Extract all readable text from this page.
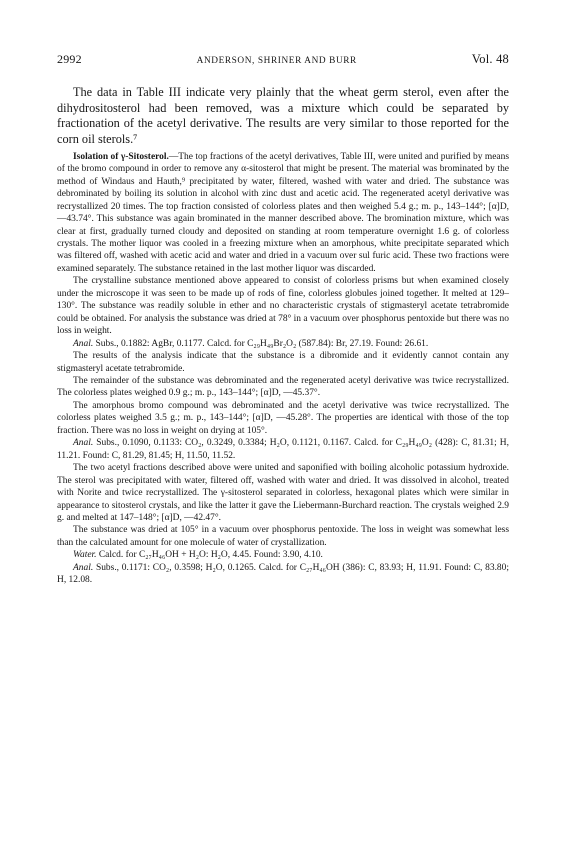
2992	ANDERSON, SHRINER AND BURR	Vol. 48

The data in Table III indicate very plainly that the wheat germ sterol, even after the dihydrositosterol had been removed, was a mixture which could be separated by fractionation of the acetyl derivative. The results are very similar to those reported for the corn oil sterols.⁷

Isolation of γ-Sitosterol.—The top fractions of the acetyl derivatives, Table III, were united and purified by means of the bromo compound in order to remove any α-sitosterol that might be present. The material was brominated by the method of Windaus and Hauth,⁹ precipitated by water, filtered, washed with water and dried. The substance was debrominated by boiling its solution in alcohol with zinc dust and acetic acid. The regenerated acetyl derivative was recrystallized 20 times. The top fraction consisted of colorless plates and then weighed 5.4 g.; m. p., 143–144°; [α]D, —43.74°. This substance was again brominated in the manner described above. The bromination mixture, which was clear at first, gradually turned cloudy and deposited on standing at room temperature overnight 1.6 g. of colorless crystals. The mother liquor was cooled in a freezing mixture when an amorphous, white precipitate separated which was filtered off, washed with acetic acid and water and dried in a vacuum over sul furic acid. These two fractions were examined separately. The substance retained in the last mother liquor was discarded.

The crystalline substance mentioned above appeared to consist of colorless prisms but when examined closely under the microscope it was seen to be made up of rods of fine, colorless globules joined together. It melted at 129–130°. The substance was readily soluble in ether and no characteristic crystals of stigmasteryl acetate tetrabromide could be obtained. For analysis the substance was dried at 78° in a vacuum over phosphorus pentoxide but there was no loss in weight.

Anal. Subs., 0.1882: AgBr, 0.1177. Calcd. for C₂₉H₄₉Br₂O₂ (587.84): Br, 27.19. Found: 26.61.

The results of the analysis indicate that the substance is a dibromide and it evidently cannot contain any stigmasteryl acetate tetrabromide.

The remainder of the substance was debrominated and the regenerated acetyl derivative was twice recrystallized. The colorless plates weighed 0.9 g.; m. p., 143–144°; [α]D, —45.37°.

The amorphous bromo compound was debrominated and the acetyl derivative was twice recrystallized. The colorless plates weighed 3.5 g.; m. p., 143–144°; [α]D, —45.28°. The properties are identical with those of the top fraction. There was no loss in weight on drying at 105°.

Anal. Subs., 0.1090, 0.1133: CO₂, 0.3249, 0.3384; H₂O, 0.1121, 0.1167. Calcd. for C₂₉H₄₉O₂ (428): C, 81.31; H, 11.21. Found: C, 81.29, 81.45; H, 11.50, 11.52.

The two acetyl fractions described above were united and saponified with boiling alcoholic potassium hydroxide. The sterol was precipitated with water, filtered off, washed with water and dried. It was dissolved in alcohol, treated with Norite and twice recrystallized. The γ-sitosterol separated in colorless, hexagonal plates which were similar in appearance to sitosterol crystals, and like the latter it gave the Liebermann-Burchard reaction. The crystals weighed 2.9 g. and melted at 147–148°; [α]D, —42.47°.

The substance was dried at 105° in a vacuum over phosphorus pentoxide. The loss in weight was somewhat less than the calculated amount for one molecule of water of crystallization.

Water. Calcd. for C₂₇H₄₆OH + H₂O: H₂O, 4.45. Found: 3.90, 4.10.

Anal. Subs., 0.1171: CO₂, 0.3598; H₂O, 0.1265. Calcd. for C₂₇H₄₆OH (386): C, 83.93; H, 11.91. Found: C, 83.80; H, 12.08.
